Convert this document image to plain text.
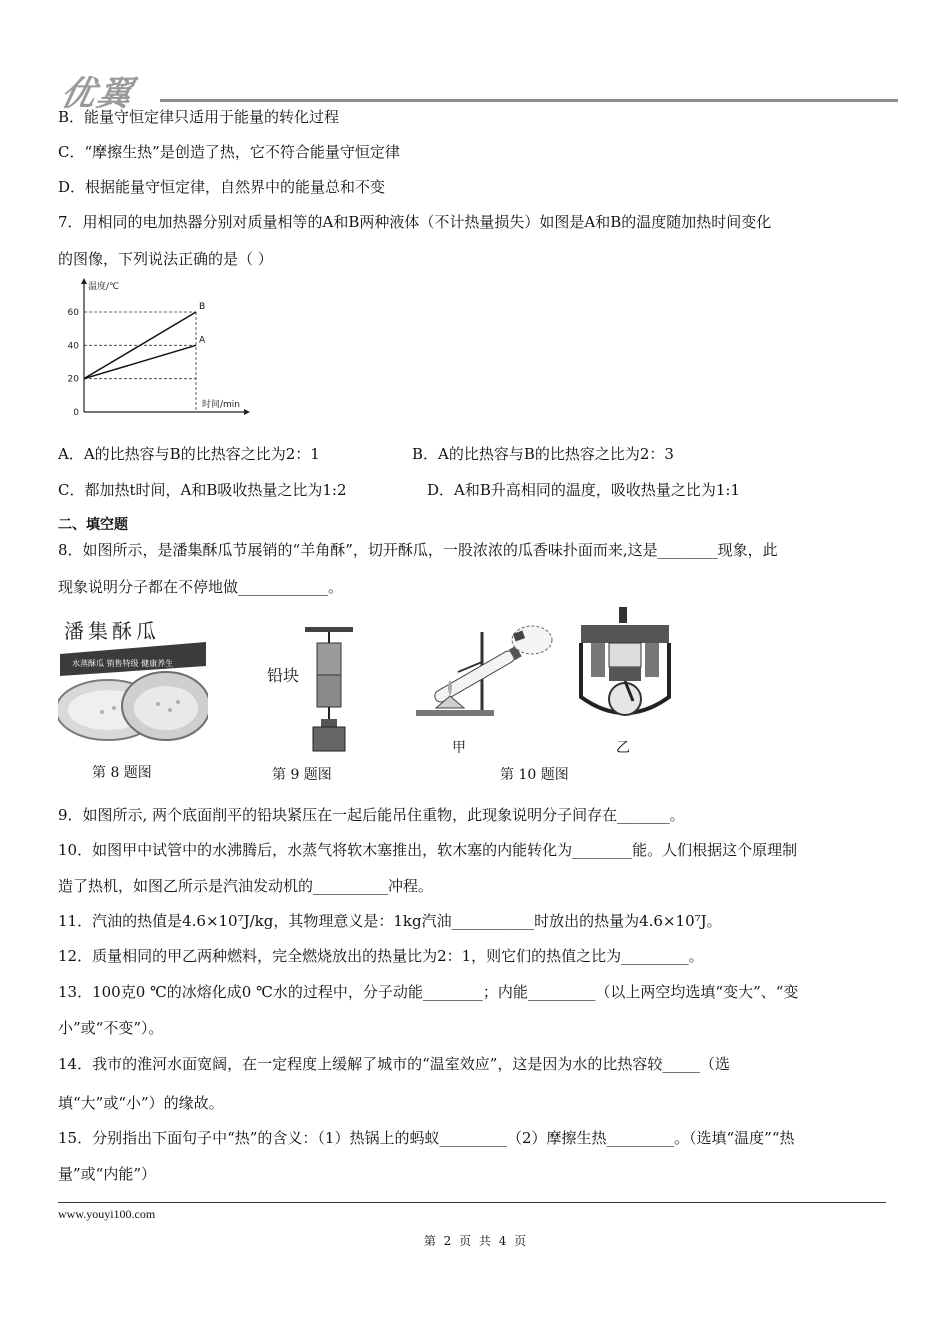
优翼
B．能量守恒定律只适用于能量的转化过程
C．“摩擦生热”是创造了热，它不符合能量守恒定律
D．根据能量守恒定律，自然界中的能量总和不变
7．用相同的电加热器分别对质量相等的A和B两种液体（不计热量损失）如图是A和B的温度随加热时间变化
的图像，下列说法正确的是（ ）
温度/℃
时间/min
0
20
40
60
B
A
A．A的比热容与B的比热容之比为2：1	B．A的比热容与B的比热容之比为2：3
C．都加热t时间，A和B吸收热量之比为1:2	D．A和B升高相同的温度，吸收热量之比为1:1
二、填空题
8．如图所示，是潘集酥瓜节展销的“羊角酥”，切开酥瓜，一股浓浓的瓜香味扑面而来,这是________现象，此
现象说明分子都在不停地做____________。
潘集酥瓜
水蒸酥瓜 销售特级 健康养生
铅块
甲	乙
第 8 题图	第 9 题图	第 10 题图
9．如图所示, 两个底面削平的铅块紧压在一起后能吊住重物，此现象说明分子间存在_______。
10．如图甲中试管中的水沸腾后，水蒸气将软木塞推出，软木塞的内能转化为________能。人们根据这个原理制
造了热机，如图乙所示是汽油发动机的__________冲程。
11．汽油的热值是4.6×10⁷J/kg，其物理意义是：1kg汽油___________时放出的热量为4.6×10⁷J。
12．质量相同的甲乙两种燃料，完全燃烧放出的热量比为2：1，则它们的热值之比为_________。
13．100克0 ℃的冰熔化成0 ℃水的过程中，分子动能________；内能_________（以上两空均选填“变大”、“变
小”或“不变”）。
14．我市的淮河水面宽阔，在一定程度上缓解了城市的“温室效应”，这是因为水的比热容较_____（选
填“大”或“小”）的缘故。
15．分别指出下面句子中“热”的含义：（1）热锅上的蚂蚁_________（2）摩擦生热_________。（选填“温度”“热
量”或“内能”）
www.youyi100.com
第 2 页 共 4 页
